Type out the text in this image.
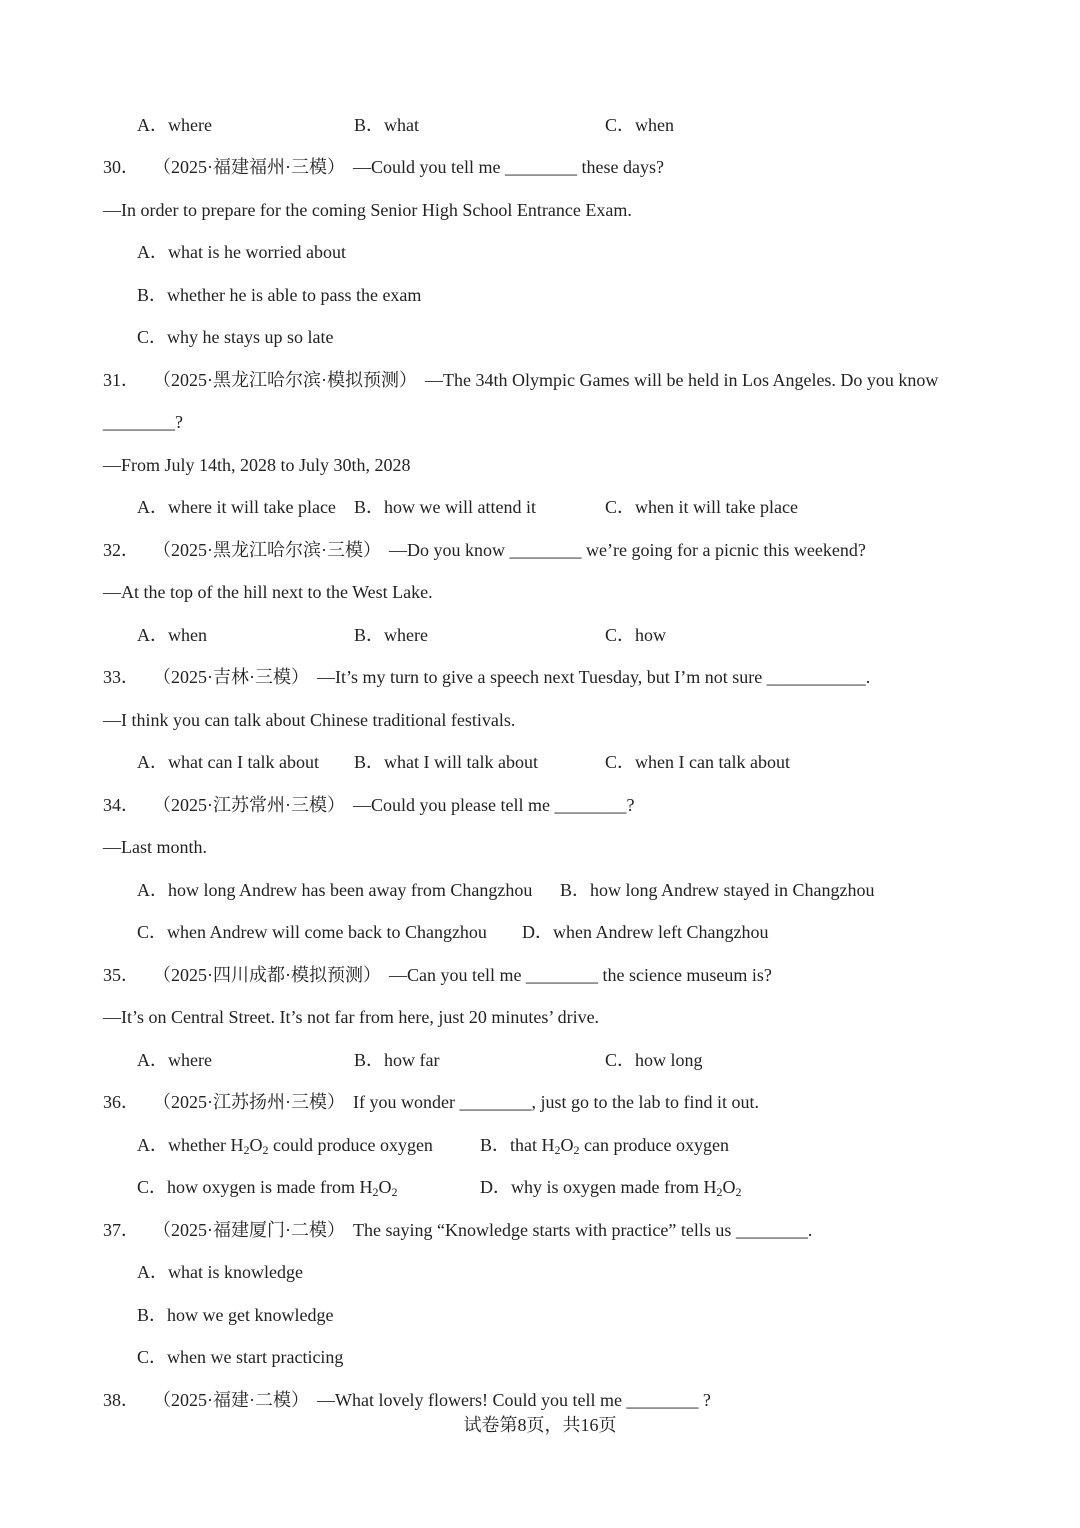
A．where	B．what	C．when
30． （2025·福建福州·三模） —Could you tell me ________ these days?
—In order to prepare for the coming Senior High School Entrance Exam.
A．what is he worried about
B．whether he is able to pass the exam
C．why he stays up so late
31． （2025·黑龙江哈尔滨·模拟预测） —The 34th Olympic Games will be held in Los Angeles. Do you know
________?
—From July 14th, 2028 to July 30th, 2028
A．where it will take place B．how we will attend it	C．when it will take place
32． （2025·黑龙江哈尔滨·三模） —Do you know ________ we’re going for a picnic this weekend?
—At the top of the hill next to the West Lake.
A．when	B．where	C．how
33． （2025·吉林·三模） —It’s my turn to give a speech next Tuesday, but I’m not sure ___________.
—I think you can talk about Chinese traditional festivals.
A．what can I talk about B．what I will talk about	C．when I can talk about
34． （2025·江苏常州·三模） —Could you please tell me ________?
—Last month.
A．how long Andrew has been away from Changzhou B．how long Andrew stayed in Changzhou
C．when Andrew will come back to Changzhou D．when Andrew left Changzhou
35． （2025·四川成都·模拟预测） —Can you tell me ________ the science museum is?
—It’s on Central Street. It’s not far from here, just 20 minutes’ drive.
A．where	B．how far	C．how long
36． （2025·江苏扬州·三模） If you wonder ________, just go to the lab to find it out.
A．whether $H_2O_2$ could produce oxygen	B．that $H_2O_2$ can produce oxygen
C．how oxygen is made from $H_2O_2$	D．why is oxygen made from $H_2O_2$
37． （2025·福建厦门·二模） The saying “Knowledge starts with practice” tells us ________.
A．what is knowledge
B．how we get knowledge
C．when we start practicing
38． （2025·福建·二模） —What lovely flowers! Could you tell me ________ ?
试卷第8页，共16页
